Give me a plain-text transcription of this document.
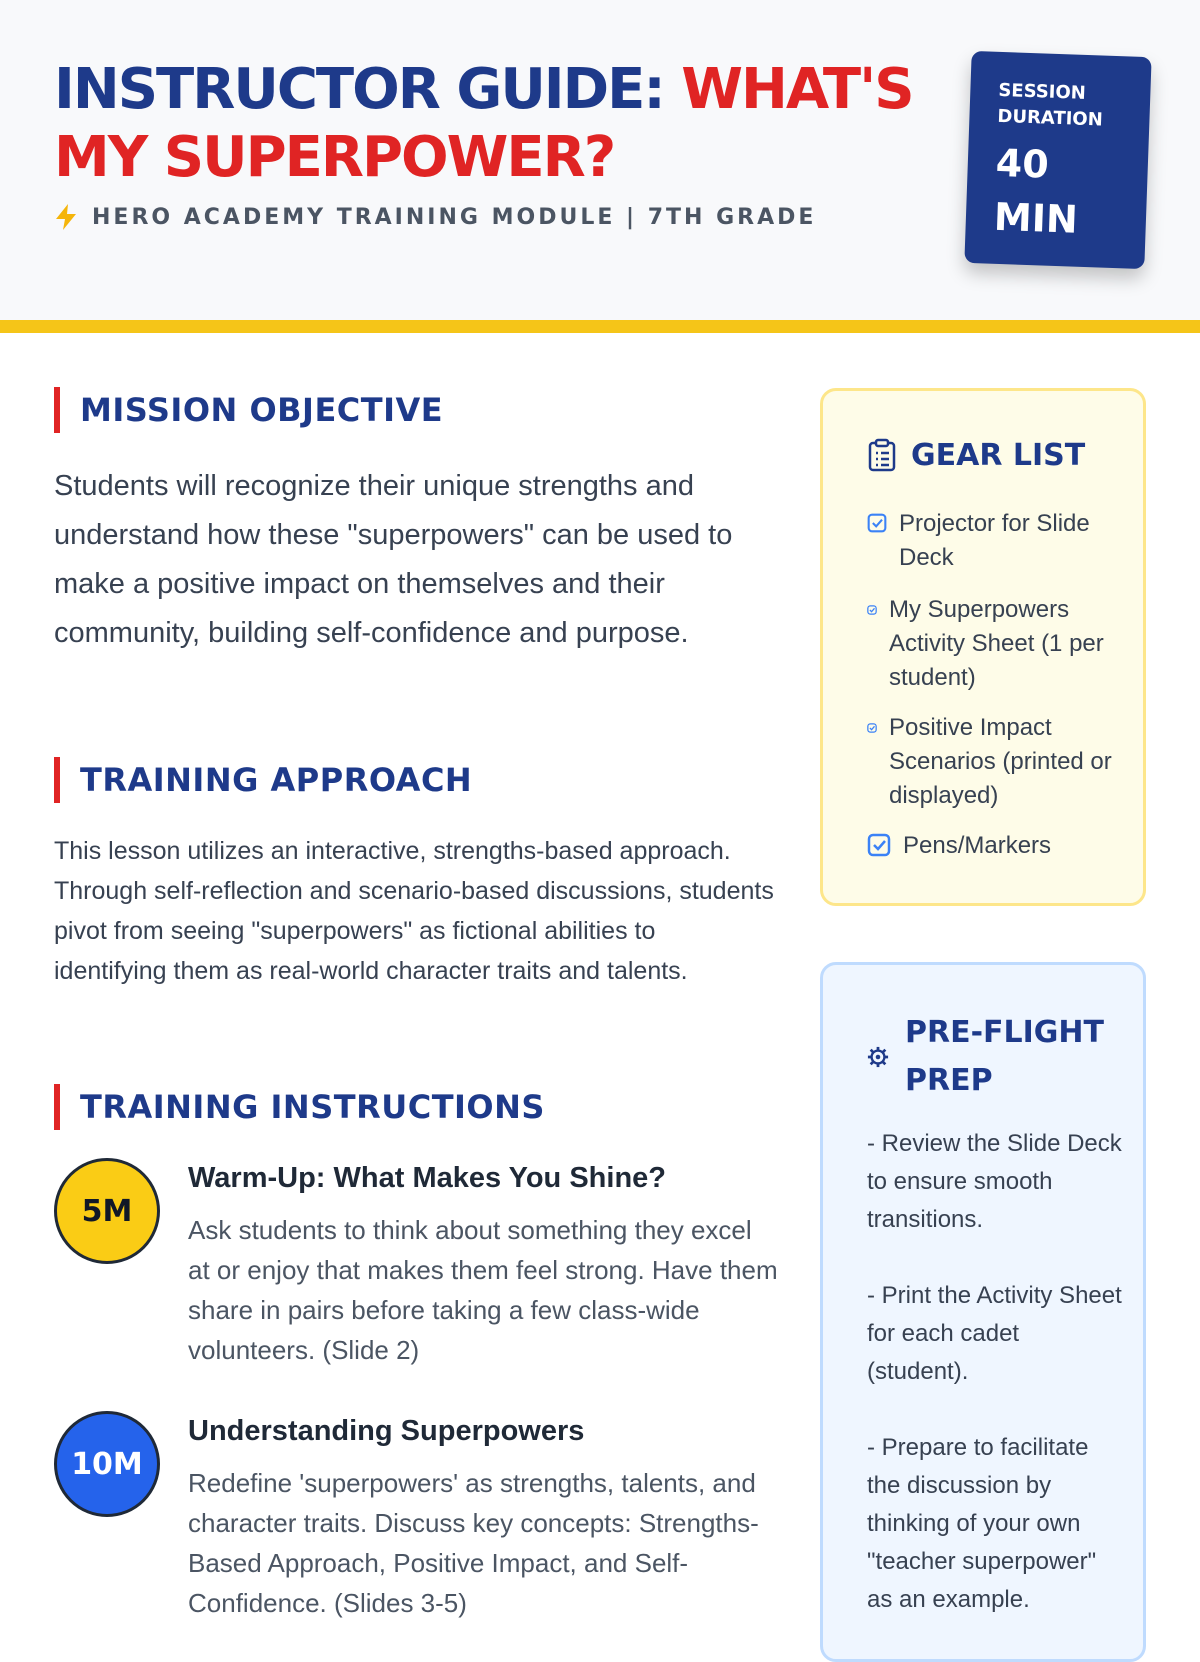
INSTRUCTOR GUIDE: WHAT'S MY SUPERPOWER?
HERO ACADEMY TRAINING MODULE | 7TH GRADE
SESSION DURATION
40 MIN
MISSION OBJECTIVE

Students will recognize their unique strengths and understand how these "superpowers" can be used to make a positive impact on themselves and their community, building self-confidence and purpose.

TRAINING APPROACH

This lesson utilizes an interactive, strengths-based approach. Through self-reflection and scenario-based discussions, students pivot from seeing "superpowers" as fictional abilities to identifying them as real-world character traits and talents.

TRAINING INSTRUCTIONS
5M
Warm-Up: What Makes You Shine?
Ask students to think about something they excel at or enjoy that makes them feel strong. Have them share in pairs before taking a few class-wide volunteers. (Slide 2)
10M
Understanding Superpowers
Redefine 'superpowers' as strengths, talents, and character traits. Discuss key concepts: Strengths-Based Approach, Positive Impact, and Self-Confidence. (Slides 3-5)
GEAR LIST
Projector for Slide Deck
My Superpowers Activity Sheet (1 per student)
Positive Impact Scenarios (printed or displayed)
Pens/Markers
PRE-FLIGHT PREP
- Review the Slide Deck to ensure smooth transitions.

- Print the Activity Sheet for each cadet (student).

- Prepare to facilitate the discussion by thinking of your own "teacher superpower" as an example.
